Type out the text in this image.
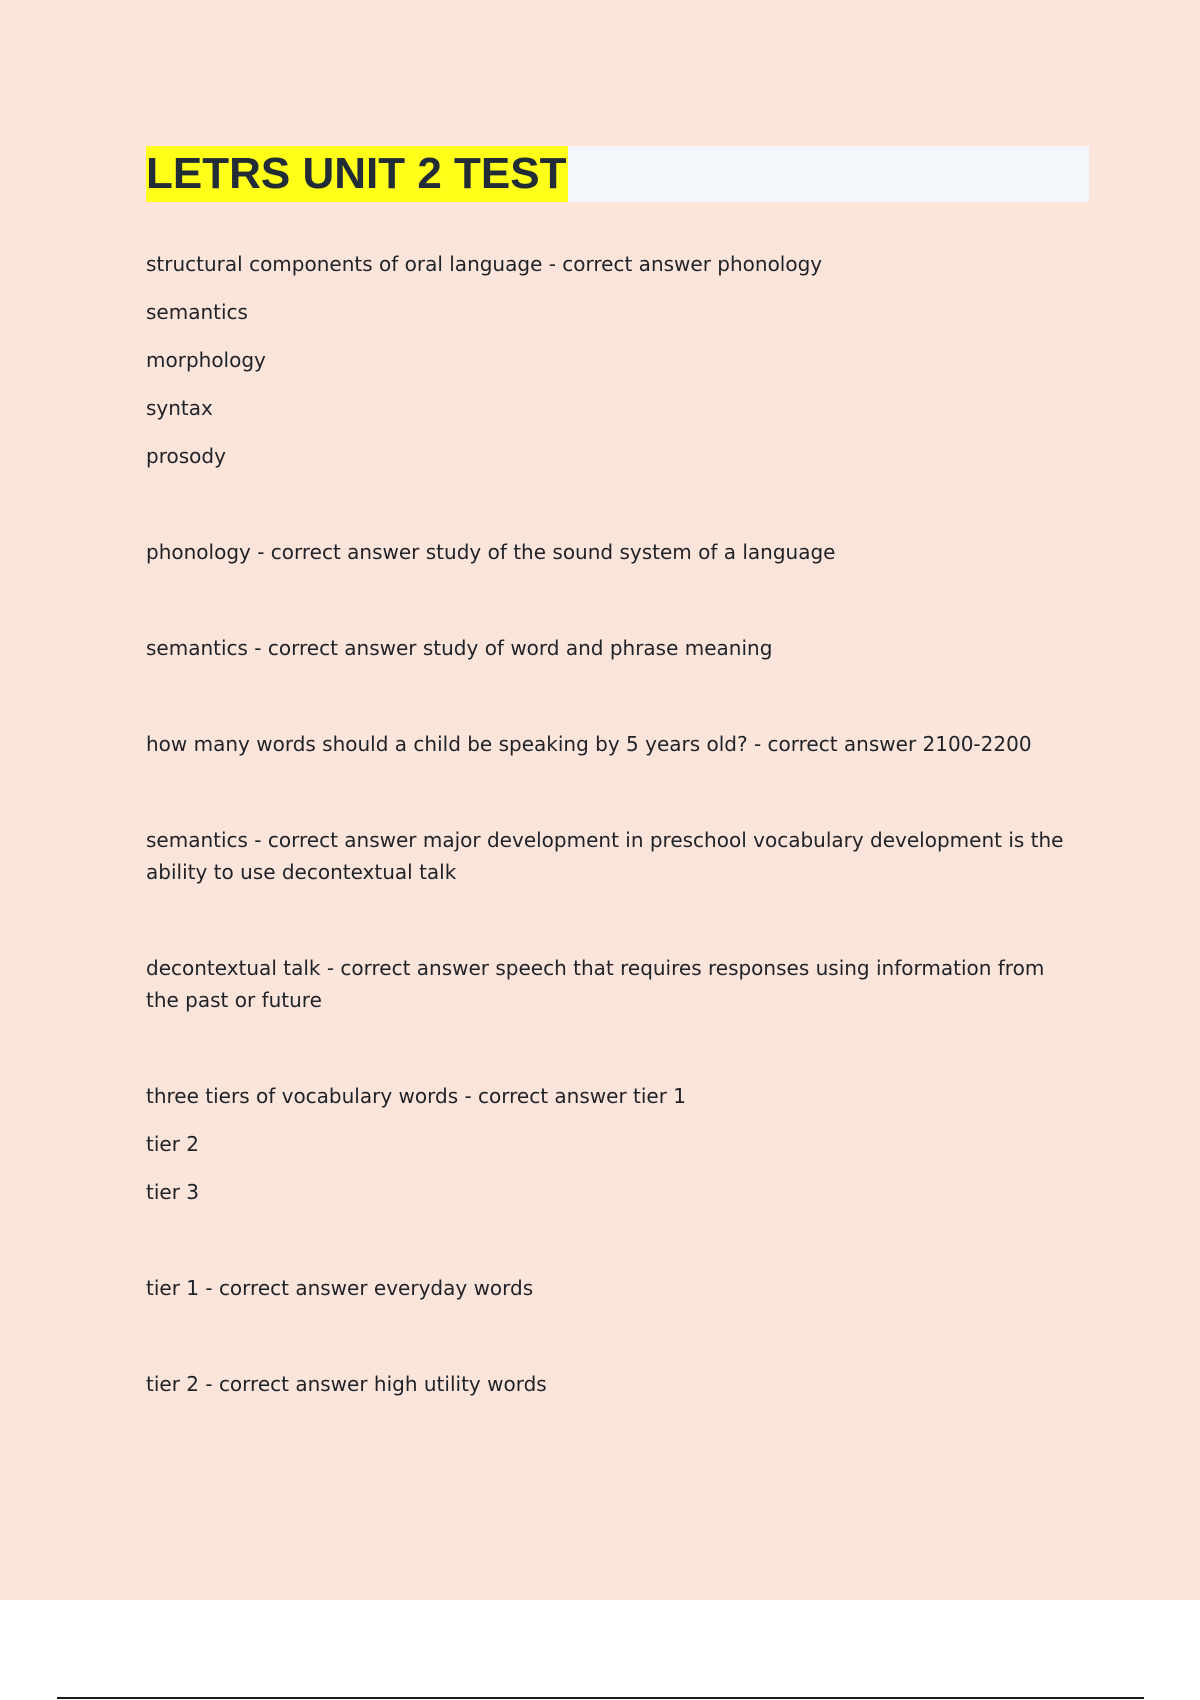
LETRS UNIT 2 TEST
structural components of oral language - correct answer phonology
semantics
morphology
syntax
prosody
phonology - correct answer study of the sound system of a language
semantics - correct answer study of word and phrase meaning
how many words should a child be speaking by 5 years old? - correct answer 2100-2200

semantics - correct answer major development in preschool vocabulary development is the ability to use decontextual talk

decontextual talk - correct answer speech that requires responses using information from the past or future

three tiers of vocabulary words - correct answer tier 1
tier 2
tier 3
tier 1 - correct answer everyday words
tier 2 - correct answer high utility words
